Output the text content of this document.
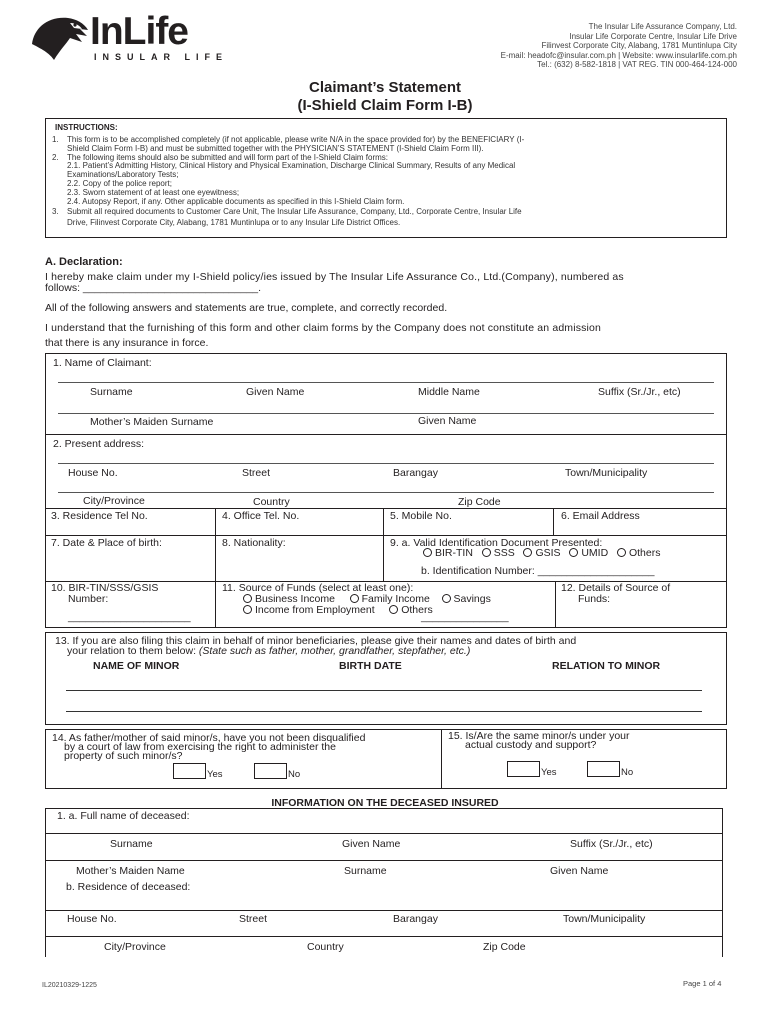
InLife
INSULAR LIFE
The Insular Life Assurance Company, Ltd.
Insular Life Corporate Centre, Insular Life Drive
Filinvest Corporate City, Alabang, 1781 Muntinlupa City
E-mail: headofc@insular.com.ph | Website: www.insularlife.com.ph
Tel.: (632) 8-582-1818 | VAT REG. TIN 000-464-124-000
Claimant’s Statement
(I-Shield Claim Form I-B)
INSTRUCTIONS:
1. This form is to be accomplished completely (if not applicable, please write N/A in the space provided for) by the BENEFICIARY (I-
Shield Claim Form I-B) and must be submitted together with the PHYSICIAN’S STATEMENT (I-Shield Claim Form III).
2. The following items should also be submitted and will form part of the I-Shield Claim forms:
2.1. Patient’s Admitting History, Clinical History and Physical Examination, Discharge Clinical Summary, Results of any Medical
Examinations/Laboratory Tests;
2.2. Copy of the police report;
2.3. Sworn statement of at least one eyewitness;
2.4. Autopsy Report, if any. Other applicable documents as specified in this I-Shield Claim form.
3. Submit all required documents to Customer Care Unit, The Insular Life Assurance, Company, Ltd., Corporate Centre, Insular Life
Drive, Filinvest Corporate City, Alabang, 1781 Muntinlupa or to any Insular Life District Offices.
A. Declaration:
I hereby make claim under my I-Shield policy/ies issued by The Insular Life Assurance Co., Ltd.(Company), numbered as
follows: ______________________________.
All of the following answers and statements are true, complete, and correctly recorded.
I understand that the furnishing of this form and other claim forms by the Company does not constitute an admission
that there is any insurance in force.
1. Name of Claimant:
Surname	Given Name	Middle Name	Suffix (Sr./Jr., etc)
Mother’s Maiden Surname	Given Name
2. Present address:
House No.	Street	Barangay	Town/Municipality
City/Province	Country	Zip Code
3. Residence Tel No.	4. Office Tel. No.	5. Mobile No.	6. Email Address
7. Date & Place of birth:	8. Nationality:	9. a. Valid Identification Document Presented:
BIR-TIN SSS GSIS UMID Others
b. Identification Number: ____________________
10. BIR-TIN/SSS/GSIS
Number:
_____________________
11. Source of Funds (select at least one):
Business Income	Family Income Savings
Income from Employment	Others
_______________
12. Details of Source of
Funds:
13. If you are also filing this claim in behalf of minor beneficiaries, please give their names and dates of birth and
your relation to them below: (State such as father, mother, grandfather, stepfather, etc.)
NAME OF MINOR	BIRTH DATE	RELATION TO MINOR
14. As father/mother of said minor/s, have you not been disqualified
by a court of law from exercising the right to administer the
property of such minor/s?
Yes	No
15. Is/Are the same minor/s under your
actual custody and support?
Yes	No
INFORMATION ON THE DECEASED INSURED
1. a. Full name of deceased:
Surname	Given Name	Suffix (Sr./Jr., etc)
Mother’s Maiden Name	Surname	Given Name
b. Residence of deceased:
House No.	Street	Barangay	Town/Municipality
City/Province	Country	Zip Code
IL20210329-1225	Page 1 of 4
